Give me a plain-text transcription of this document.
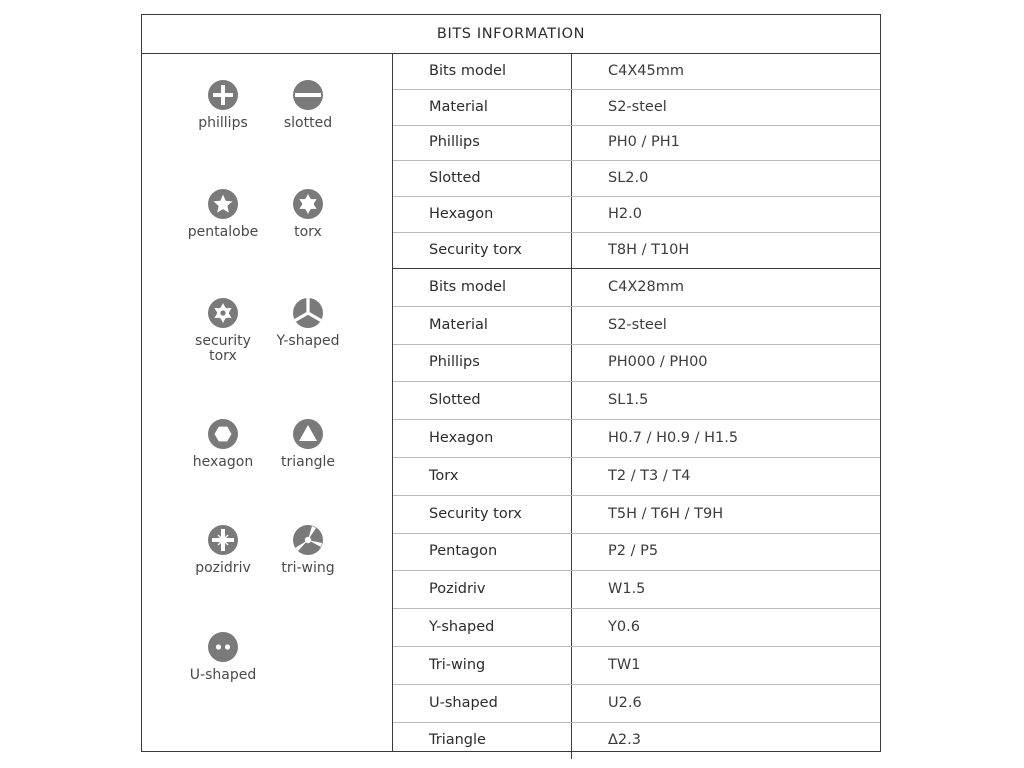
BITS INFORMATION
phillips	slotted
pentalobe	torx
security
torx
Y-shaped
hexagon	triangle
pozidriv	tri-wing
U-shaped
Bits model	C4X45mm
Material	S2-steel
Phillips	PH0 / PH1
Slotted	SL2.0
Hexagon	H2.0
Security torx	T8H / T10H
Bits model	C4X28mm
Material	S2-steel
Phillips	PH000 / PH00
Slotted	SL1.5
Hexagon	H0.7 / H0.9 / H1.5
Torx	T2 / T3 / T4
Security torx	T5H / T6H / T9H
Pentagon	P2 / P5
Pozidriv	W1.5
Y-shaped	Y0.6
Tri-wing	TW1
U-shaped	U2.6
Triangle	Δ2.3
